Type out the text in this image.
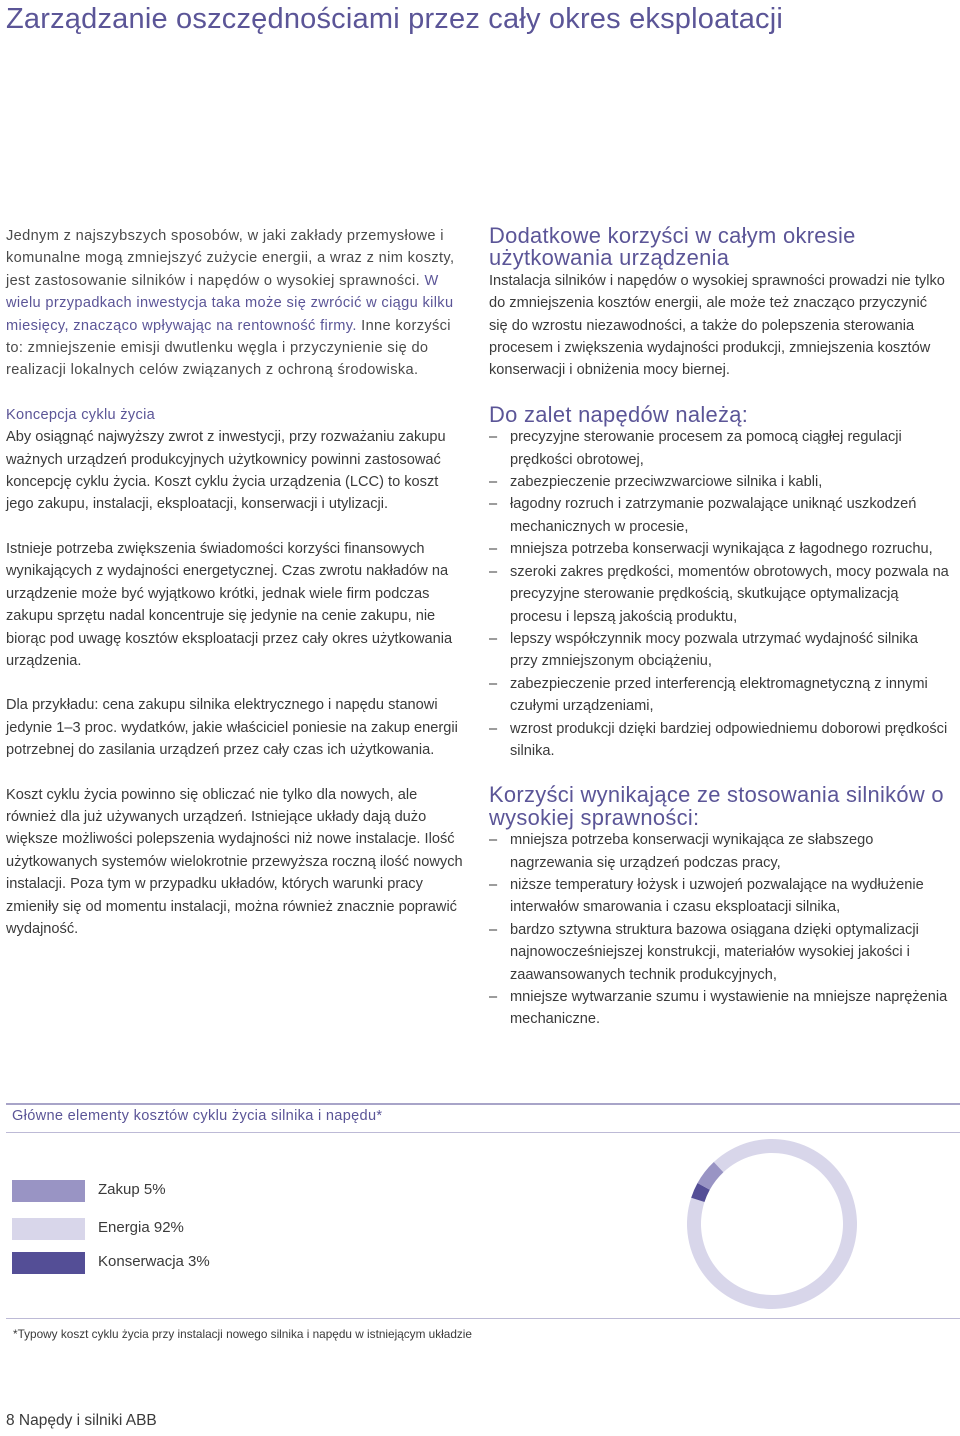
Zarządzanie oszczędnościami przez cały okres eksploatacji
Jednym z najszybszych sposobów, w jaki zakłady przemysłowe i komunalne mogą zmniejszyć zużycie energii, a wraz z nim koszty, jest zastosowanie silników i napędów o wysokiej sprawności. W wielu przypadkach inwestycja taka może się zwrócić w ciągu kilku miesięcy, znacząco wpływając na rentowność firmy. Inne korzyści to: zmniejszenie emisji dwutlenku węgla i przyczynienie się do realizacji lokalnych celów związanych z ochroną środowiska.
Koncepcja cyklu życia

Aby osiągnąć najwyższy zwrot z inwestycji, przy rozważaniu zakupu ważnych urządzeń produkcyjnych użytkownicy powinni zastosować koncepcję cyklu życia. Koszt cyklu życia urządzenia (LCC) to koszt jego zakupu, instalacji, eksploatacji, konserwacji i utylizacji.

Istnieje potrzeba zwiększenia świadomości korzyści finansowych wynikających z wydajności energetycznej. Czas zwrotu nakładów na urządzenie może być wyjątkowo krótki, jednak wiele firm podczas zakupu sprzętu nadal koncentruje się jedynie na cenie zakupu, nie biorąc pod uwagę kosztów eksploatacji przez cały okres użytkowania urządzenia.

Dla przykładu: cena zakupu silnika elektrycznego i napędu stanowi jedynie 1–3 proc. wydatków, jakie właściciel poniesie na zakup energii potrzebnej do zasilania urządzeń przez cały czas ich użytkowania.

Koszt cyklu życia powinno się obliczać nie tylko dla nowych, ale również dla już używanych urządzeń. Istniejące układy dają dużo większe możliwości polepszenia wydajności niż nowe instalacje. Ilość użytkowanych systemów wielokrotnie przewyższa roczną ilość nowych instalacji. Poza tym w przypadku układów, których warunki pracy zmieniły się od momentu instalacji, można również znacznie poprawić wydajność.

Dodatkowe korzyści w całym okresie użytkowania urządzenia

Instalacja silników i napędów o wysokiej sprawności prowadzi nie tylko do zmniejszenia kosztów energii, ale może też znacząco przyczynić się do wzrostu niezawodności, a także do polepszenia sterowania procesem i zwiększenia wydajności produkcji, zmniejszenia kosztów konserwacji i obniżenia mocy biernej.

Do zalet napędów należą:
– precyzyjne sterowanie procesem za pomocą ciągłej regulacji prędkości obrotowej,
– zabezpieczenie przeciwzwarciowe silnika i kabli,
– łagodny rozruch i zatrzymanie pozwalające uniknąć uszkodzeń mechanicznych w procesie,
– mniejsza potrzeba konserwacji wynikająca z łagodnego rozruchu,
– szeroki zakres prędkości, momentów obrotowych, mocy pozwala na precyzyjne sterowanie prędkością, skutkujące optymalizacją procesu i lepszą jakością produktu,
– lepszy współczynnik mocy pozwala utrzymać wydajność silnika przy zmniejszonym obciążeniu,
– zabezpieczenie przed interferencją elektromagnetyczną z innymi czułymi urządzeniami,
– wzrost produkcji dzięki bardziej odpowiedniemu doborowi prędkości silnika.
Korzyści wynikające ze stosowania silników o wysokiej sprawności:
– mniejsza potrzeba konserwacji wynikająca ze słabszego nagrzewania się urządzeń podczas pracy,
– niższe temperatury łożysk i uzwojeń pozwalające na wydłużenie interwałów smarowania i czasu eksploatacji silnika,
– bardzo sztywna struktura bazowa osiągana dzięki optymalizacji najnowocześniejszej konstrukcji, materiałów wysokiej jakości i zaawansowanych technik produkcyjnych,
– mniejsze wytwarzanie szumu i wystawienie na mniejsze naprężenia mechaniczne.
Główne elementy kosztów cyklu życia silnika i napędu*
Zakup 5%
Energia 92%
Konserwacja 3%
*Typowy koszt cyklu życia przy instalacji nowego silnika i napędu w istniejącym układzie
8 Napędy i silniki ABB
